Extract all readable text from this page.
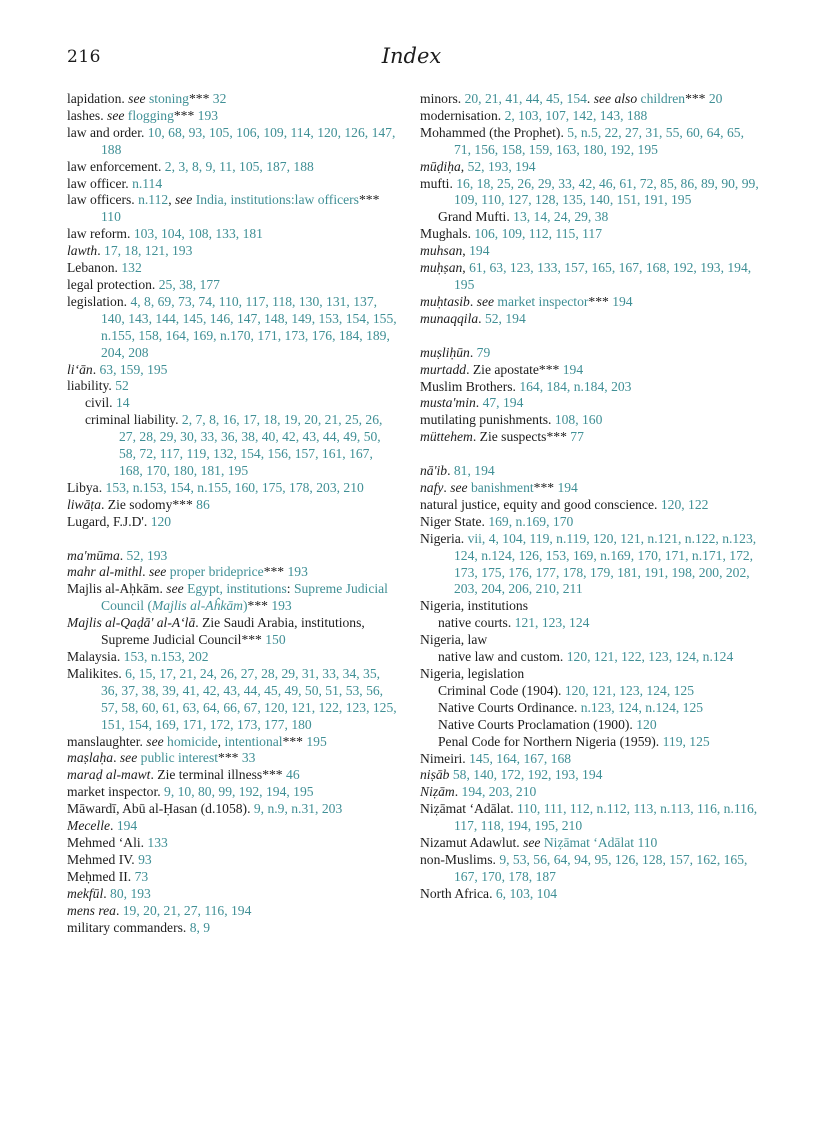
216	Index
lapidation. see stoning*** 32
lashes. see flogging*** 193
law and order. 10, 68, 93, 105, 106, 109, 114, 120, 126, 147, 188
law enforcement. 2, 3, 8, 9, 11, 105, 187, 188
law officer. n.114
law officers. n.112, see India, institutions:law officers*** 110
law reform. 103, 104, 108, 133, 181
lawth. 17, 18, 121, 193
Lebanon. 132
legal protection. 25, 38, 177
legislation. 4, 8, 69, 73, 74, 110, 117, 118, 130, 131, 137, 140, 143, 144, 145, 146, 147, 148, 149, 153, 154, 155, n.155, 158, 164, 169, n.170, 171, 173, 176, 184, 189, 204, 208
li‘ān. 63, 159, 195
liability. 52
civil. 14
criminal liability. 2, 7, 8, 16, 17, 18, 19, 20, 21, 25, 26, 27, 28, 29, 30, 33, 36, 38, 40, 42, 43, 44, 49, 50, 58, 72, 117, 119, 132, 154, 156, 157, 161, 167, 168, 170, 180, 181, 195
Libya. 153, n.153, 154, n.155, 160, 175, 178, 203, 210
liwāṭa. Zie sodomy*** 86
Lugard, F.J.D'. 120
ma'mūma. 52, 193
mahr al-mithl. see proper brideprice*** 193
Majlis al-Aḥkām. see Egypt, institutions: Supreme Judicial Council (Majlis al-Aĥkām)*** 193
Majlis al-Qaḍā' al-A‘lā. Zie Saudi Arabia, institutions, Supreme Judicial Council*** 150
Malaysia. 153, n.153, 202
Malikites. 6, 15, 17, 21, 24, 26, 27, 28, 29, 31, 33, 34, 35, 36, 37, 38, 39, 41, 42, 43, 44, 45, 49, 50, 51, 53, 56, 57, 58, 60, 61, 63, 64, 66, 67, 120, 121, 122, 123, 125, 151, 154, 169, 171, 172, 173, 177, 180
manslaughter. see homicide, intentional*** 195
maṣlaḥa. see public interest*** 33
maraḍ al-mawt. Zie terminal illness*** 46
market inspector. 9, 10, 80, 99, 192, 194, 195
Māwardī, Abū al-Ḥasan (d.1058). 9, n.9, n.31, 203
Mecelle. 194
Mehmed ‘Ali. 133
Mehmed IV. 93
Meḥmed II. 73
mekfūl. 80, 193
mens rea. 19, 20, 21, 27, 116, 194
military commanders. 8, 9
minors. 20, 21, 41, 44, 45, 154. see also children*** 20
modernisation. 2, 103, 107, 142, 143, 188
Mohammed (the Prophet). 5, n.5, 22, 27, 31, 55, 60, 64, 65, 71, 156, 158, 159, 163, 180, 192, 195
mūḍiḥa, 52, 193, 194
mufti. 16, 18, 25, 26, 29, 33, 42, 46, 61, 72, 85, 86, 89, 90, 99, 109, 110, 127, 128, 135, 140, 151, 191, 195
Grand Mufti. 13, 14, 24, 29, 38
Mughals. 106, 109, 112, 115, 117
muhsan, 194
muḥṣan, 61, 63, 123, 133, 157, 165, 167, 168, 192, 193, 194, 195
muḥtasib. see market inspector*** 194
munaqqila. 52, 194
muṣliḥūn. 79
murtadd. Zie apostate*** 194
Muslim Brothers. 164, 184, n.184, 203
musta'min. 47, 194
mutilating punishments. 108, 160
müttehem. Zie suspects*** 77
nā'ib. 81, 194
nafy. see banishment*** 194
natural justice, equity and good conscience. 120, 122
Niger State. 169, n.169, 170
Nigeria. vii, 4, 104, 119, n.119, 120, 121, n.121, n.122, n.123, 124, n.124, 126, 153, 169, n.169, 170, 171, n.171, 172, 173, 175, 176, 177, 178, 179, 181, 191, 198, 200, 202, 203, 204, 206, 210, 211
Nigeria, institutions
native courts. 121, 123, 124
Nigeria, law
native law and custom. 120, 121, 122, 123, 124, n.124
Nigeria, legislation
Criminal Code (1904). 120, 121, 123, 124, 125
Native Courts Ordinance. n.123, 124, n.124, 125
Native Courts Proclamation (1900). 120
Penal Code for Northern Nigeria (1959). 119, 125
Nimeiri. 145, 164, 167, 168
niṣāb 58, 140, 172, 192, 193, 194
Niẓām. 194, 203, 210
Niẓāmat ‘Adālat. 110, 111, 112, n.112, 113, n.113, 116, n.116, 117, 118, 194, 195, 210
Nizamut Adawlut. see Niẓāmat ‘Adālat 110
non-Muslims. 9, 53, 56, 64, 94, 95, 126, 128, 157, 162, 165, 167, 170, 178, 187
North Africa. 6, 103, 104
